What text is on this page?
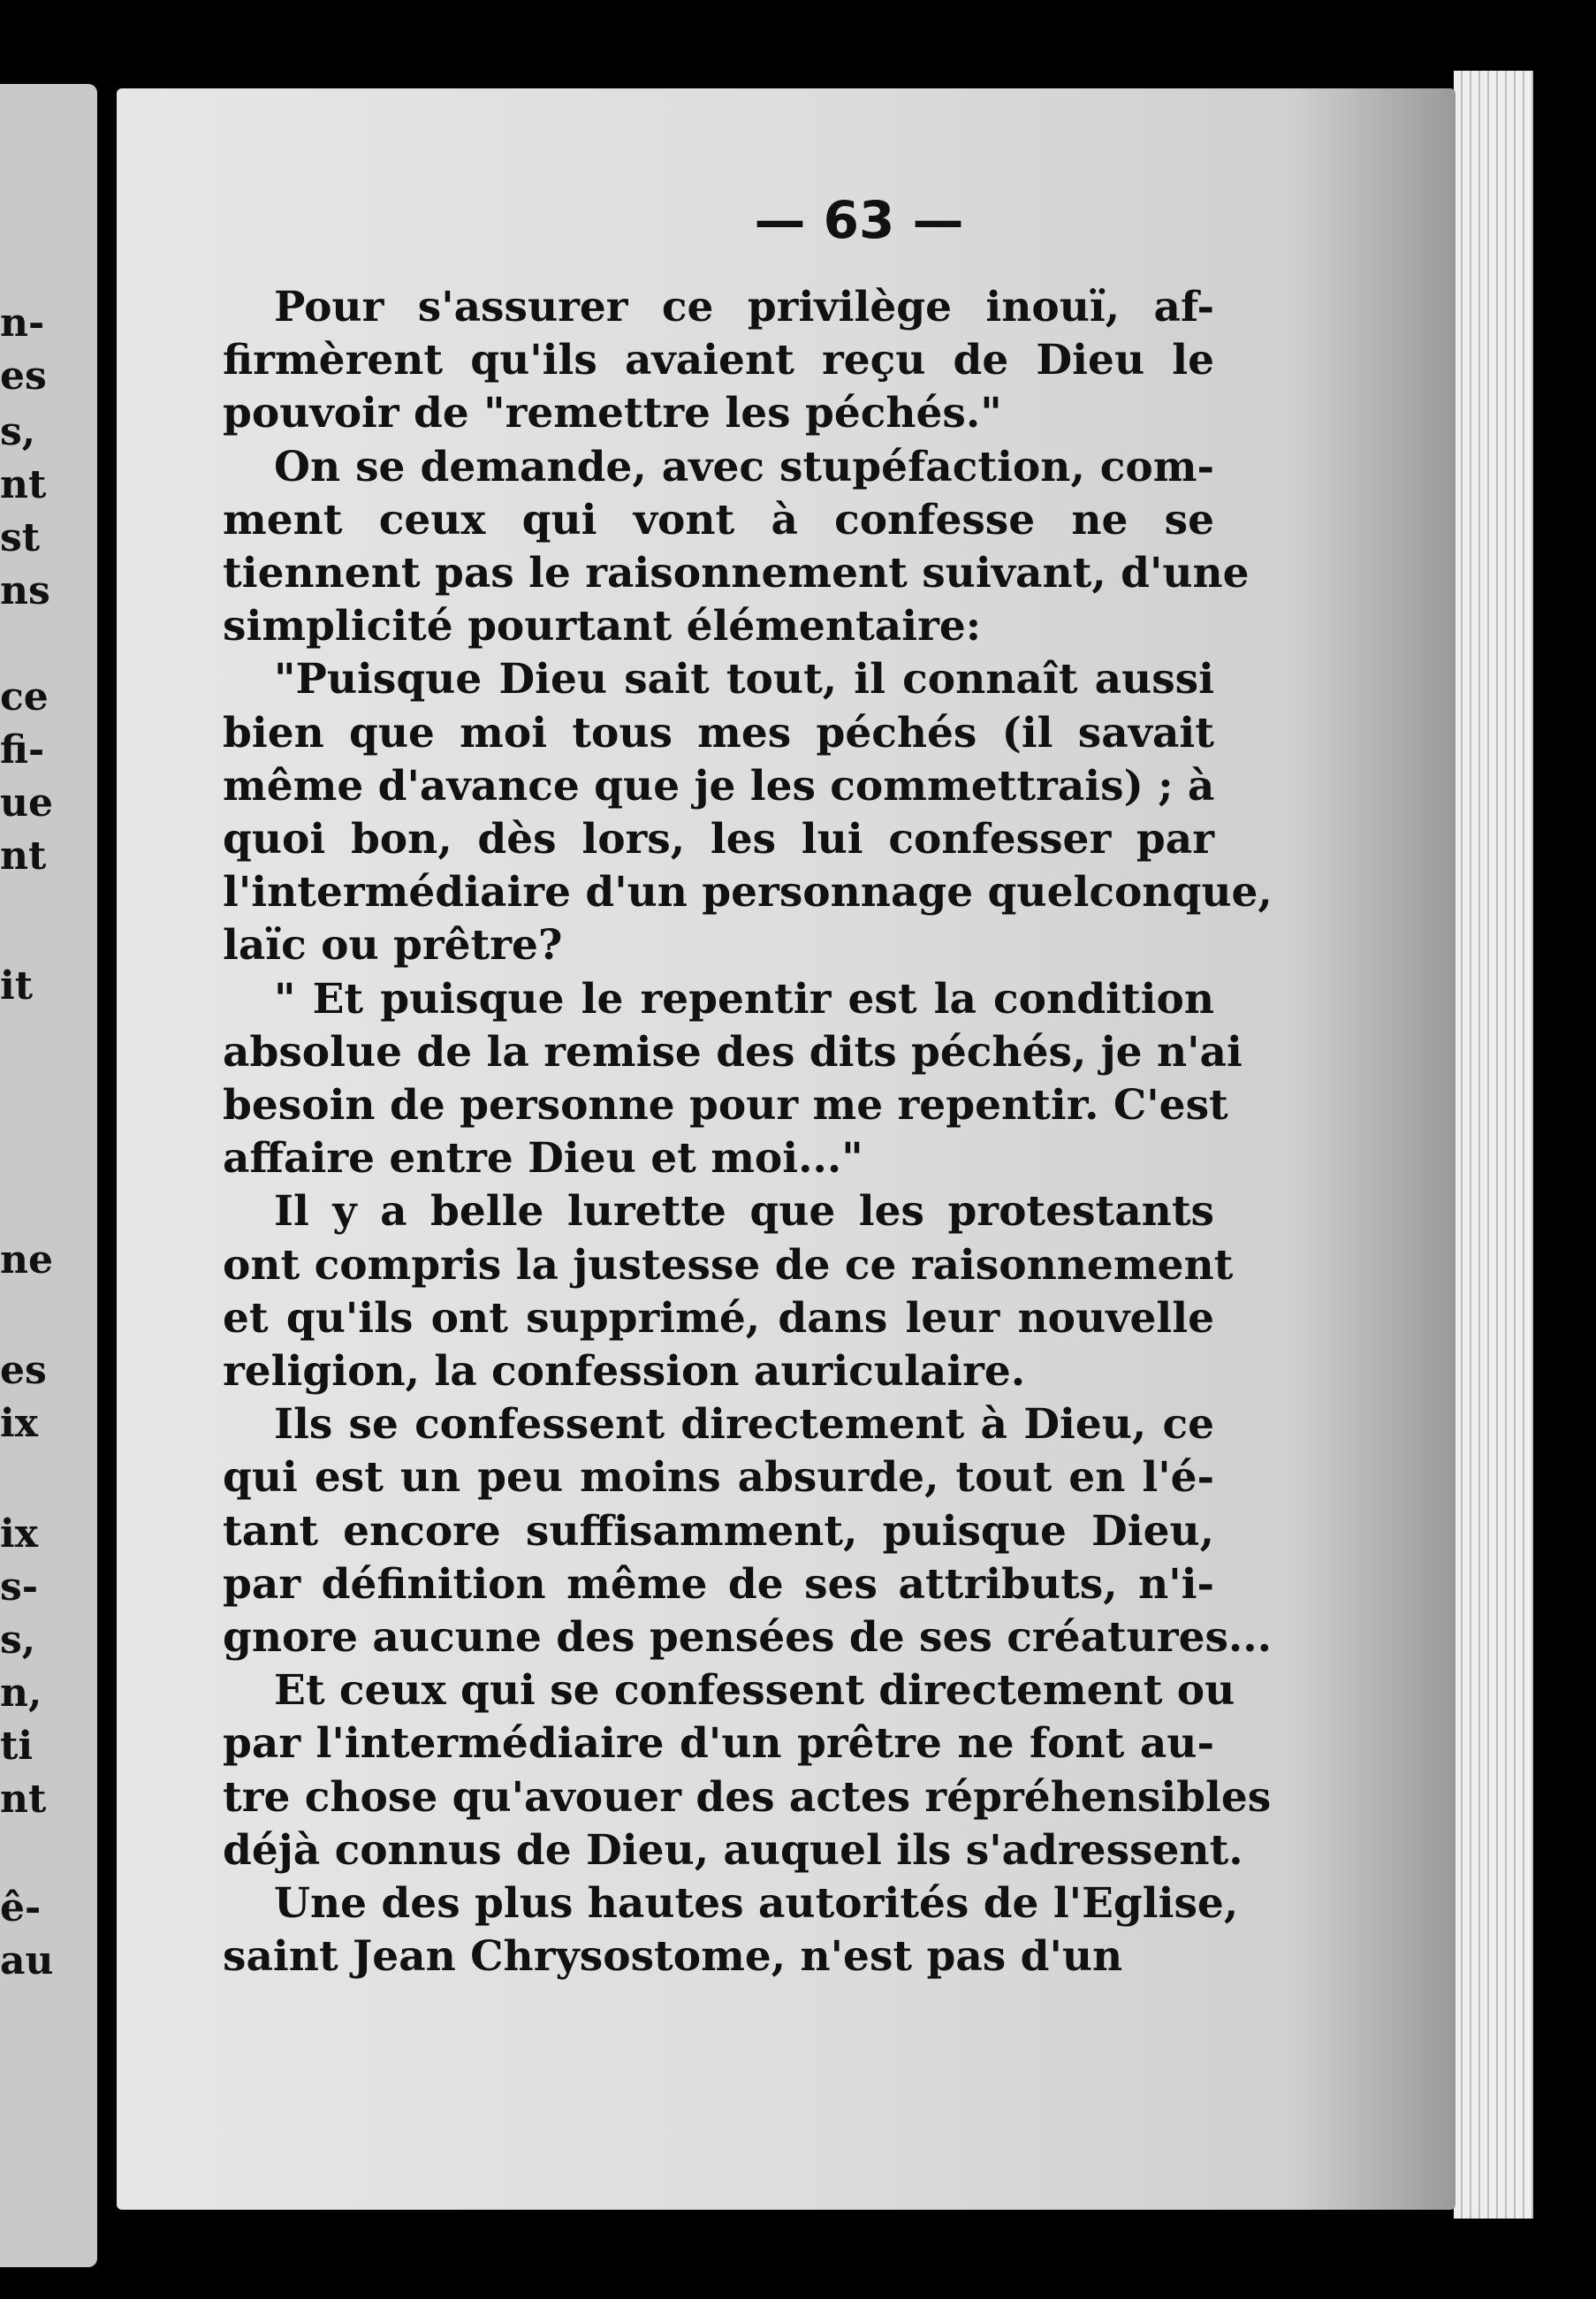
n-
es
s,
nt
st
ns
ce
fi-
ue
nt
it
ne
es
ix
ix
s-
s,
n,
ti
nt
ê-
au
— 63 —
Pour s'assurer ce privilège inouï, af-
firmèrent qu'ils avaient reçu de Dieu le
pouvoir de "remettre les péchés."
On se demande, avec stupéfaction, com-
ment ceux qui vont à confesse ne se
tiennent pas le raisonnement suivant, d'une
simplicité pourtant élémentaire:
"Puisque Dieu sait tout, il connaît aussi
bien que moi tous mes péchés (il savait
même d'avance que je les commettrais) ; à
quoi bon, dès lors, les lui confesser par
l'intermédiaire d'un personnage quelconque,
laïc ou prêtre?
" Et puisque le repentir est la condition
absolue de la remise des dits péchés, je n'ai
besoin de personne pour me repentir. C'est
affaire entre Dieu et moi..."
Il y a belle lurette que les protestants
ont compris la justesse de ce raisonnement
et qu'ils ont supprimé, dans leur nouvelle
religion, la confession auriculaire.
Ils se confessent directement à Dieu, ce
qui est un peu moins absurde, tout en l'é-
tant encore suffisamment, puisque Dieu,
par définition même de ses attributs, n'i-
gnore aucune des pensées de ses créatures...
Et ceux qui se confessent directement ou
par l'intermédiaire d'un prêtre ne font au-
tre chose qu'avouer des actes répréhensibles
déjà connus de Dieu, auquel ils s'adressent.
Une des plus hautes autorités de l'Eglise,
saint Jean Chrysostome, n'est pas d'un
